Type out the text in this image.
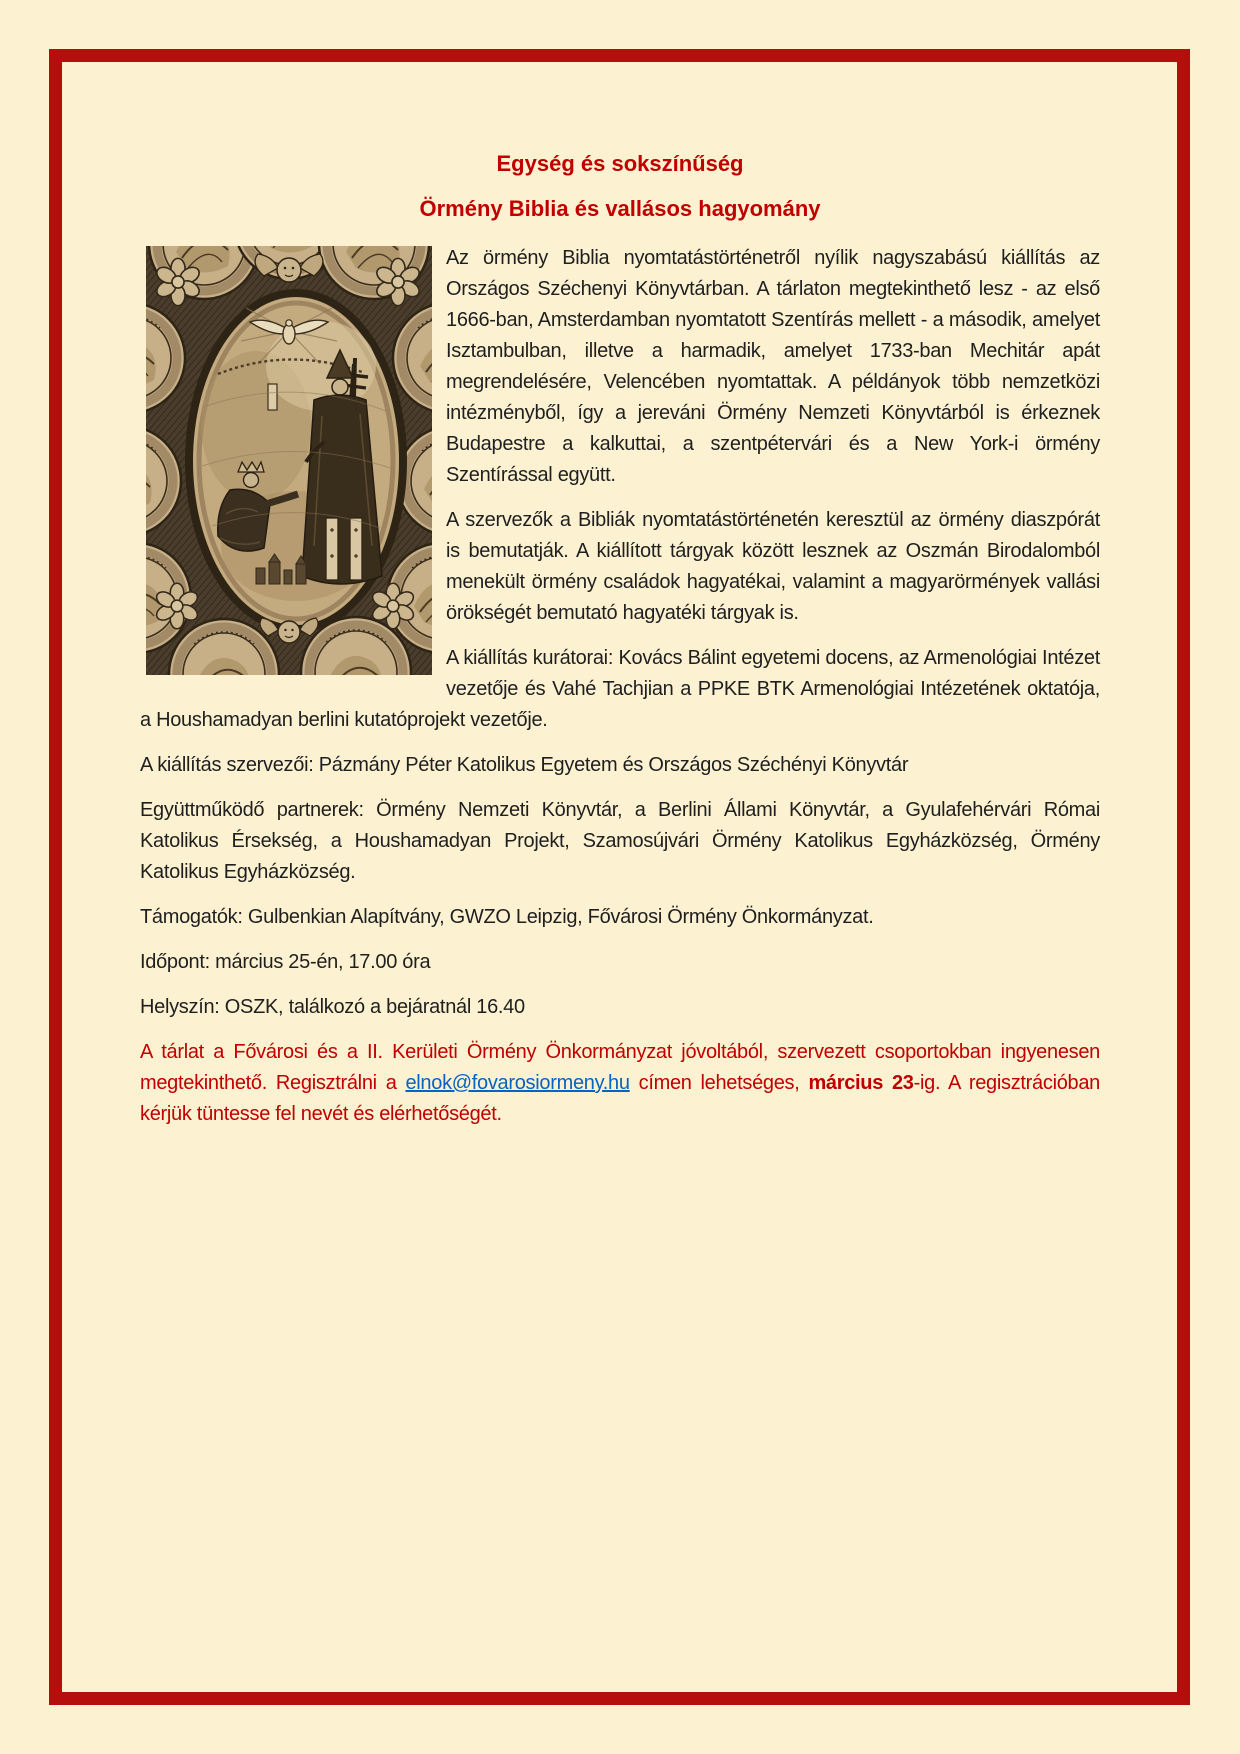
Egység és sokszínűség
Örmény Biblia és vallásos hagyomány

Az örmény Biblia nyomtatástörténetről nyílik nagyszabású kiállítás az Országos Széchenyi Könyvtárban. A tárlaton megtekinthető lesz - az első 1666-ban, Amsterdamban nyomtatott Szentírás mellett - a második, amelyet Isztambulban, illetve a harmadik, amelyet 1733-ban Mechitár apát megrendelésére, Velencében nyomtattak. A példányok több nemzetközi intézményből, így a jereváni Örmény Nemzeti Könyvtárból is érkeznek Budapestre a kalkuttai, a szentpétervári és a New York-i örmény Szentírással együtt.

A szervezők a Bibliák nyomtatástörténetén keresztül az örmény diaszpórát is bemutatják. A kiállított tárgyak között lesznek az Oszmán Birodalomból menekült örmény családok hagyatékai, valamint a magyarörmények vallási örökségét bemutató hagyatéki tárgyak is.

A kiállítás kurátorai: Kovács Bálint egyetemi docens, az Armenológiai Intézet vezetője és Vahé Tachjian a PPKE BTK Armenológiai Intézetének oktatója, a Houshamadyan berlini kutatóprojekt vezetője.

A kiállítás szervezői: Pázmány Péter Katolikus Egyetem és Országos Széchényi Könyvtár

Együttműködő partnerek: Örmény Nemzeti Könyvtár, a Berlini Állami Könyvtár, a Gyulafehérvári Római Katolikus Érsekség, a Houshamadyan Projekt, Szamosújvári Örmény Katolikus Egyházközség, Örmény Katolikus Egyházközség.

Támogatók: Gulbenkian Alapítvány, GWZO Leipzig, Fővárosi Örmény Önkormányzat.

Időpont: március 25-én, 17.00 óra

Helyszín: OSZK, találkozó a bejáratnál 16.40

A tárlat a Fővárosi és a II. Kerületi Örmény Önkormányzat jóvoltából, szervezett csoportokban ingyenesen megtekinthető. Regisztrálni a elnok@fovarosiormeny.hu címen lehetséges, március 23-ig. A regisztrációban kérjük tüntesse fel nevét és elérhetőségét.
